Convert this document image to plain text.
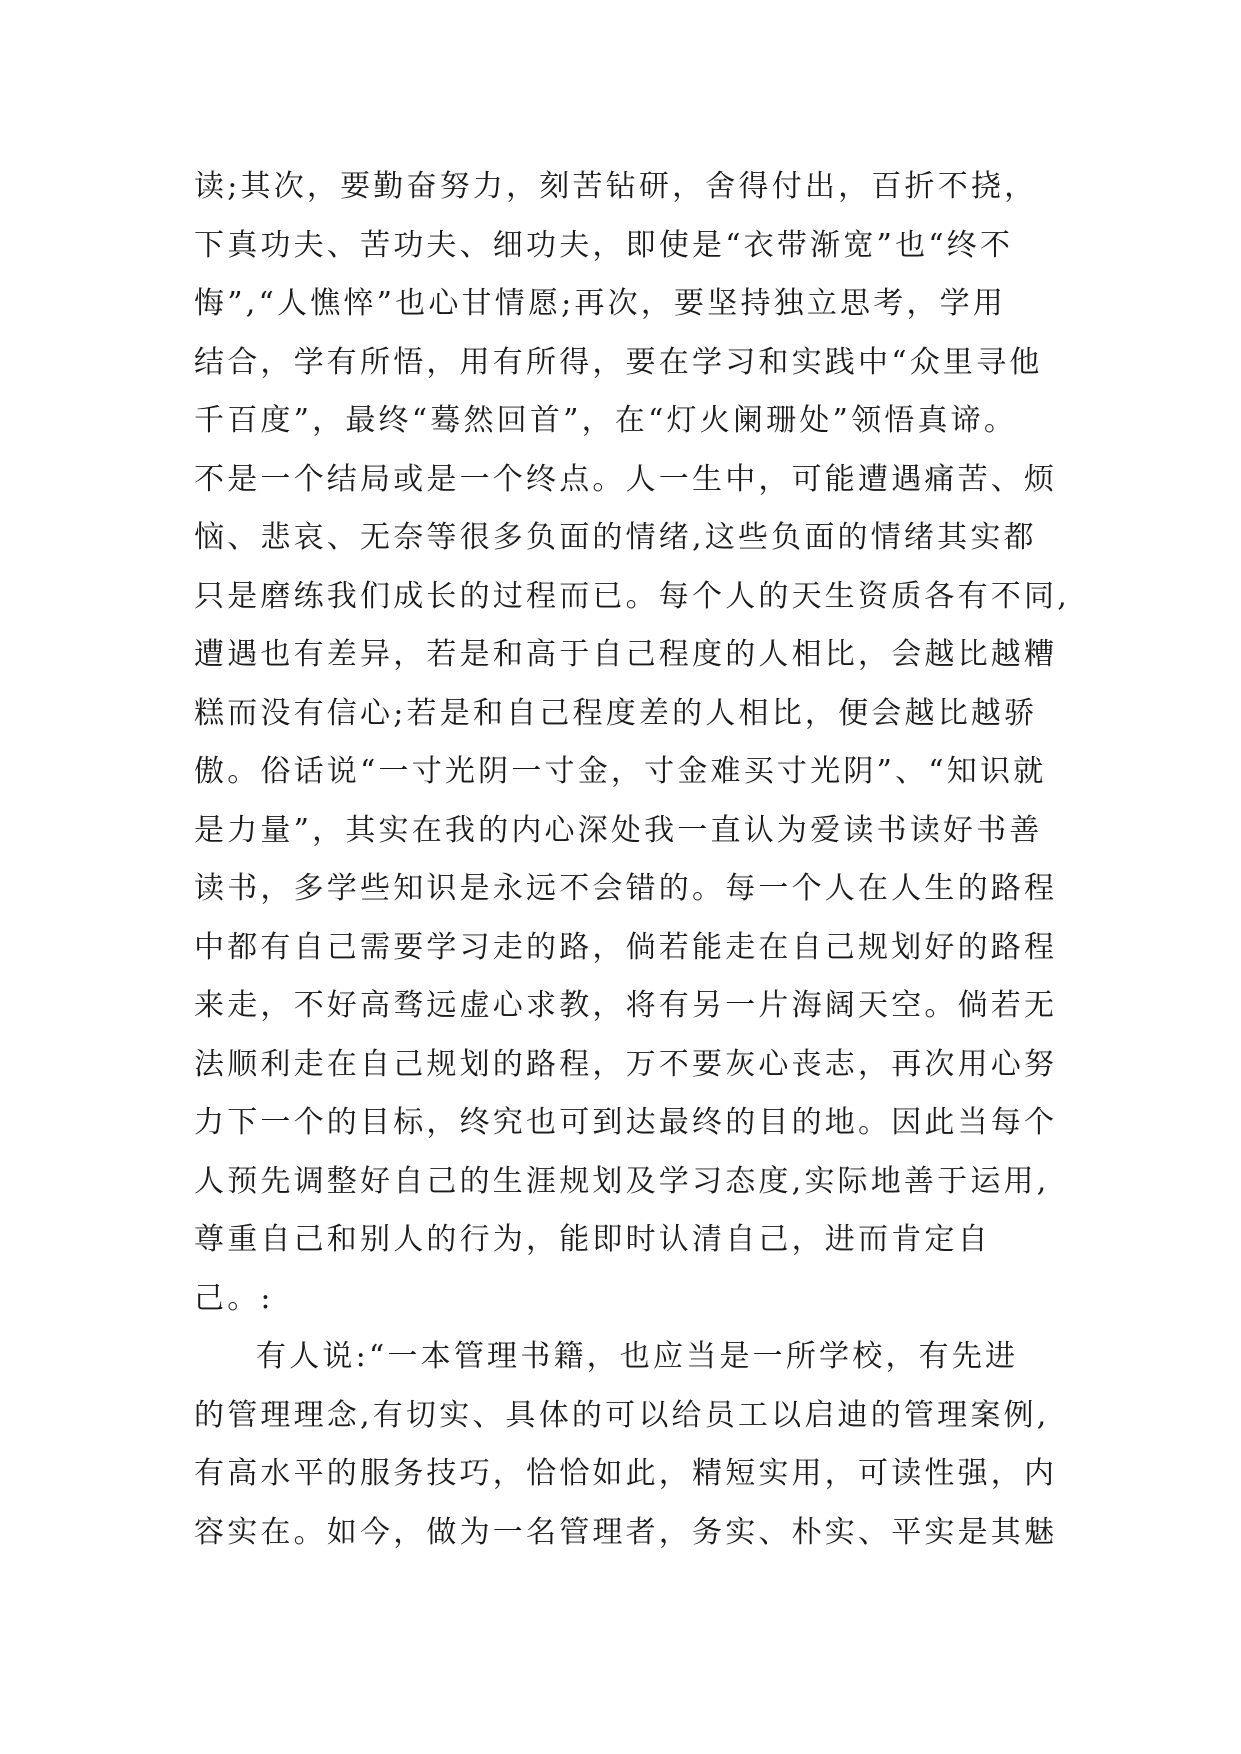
读;其次，要勤奋努力，刻苦钻研，舍得付出，百折不挠，
下真功夫、苦功夫、细功夫，即使是“衣带渐宽”也“终不
悔”,“人憔悴”也心甘情愿;再次，要坚持独立思考，学用
结合，学有所悟，用有所得，要在学习和实践中“众里寻他
千百度”，最终“蓦然回首”，在“灯火阑珊处”领悟真谛。
不是一个结局或是一个终点。人一生中，可能遭遇痛苦、烦
恼、悲哀、无奈等很多负面的情绪,这些负面的情绪其实都
只是磨练我们成长的过程而已。每个人的天生资质各有不同,
遭遇也有差异，若是和高于自己程度的人相比，会越比越糟
糕而没有信心;若是和自己程度差的人相比，便会越比越骄
傲。俗话说“一寸光阴一寸金，寸金难买寸光阴”、“知识就
是力量”，其实在我的内心深处我一直认为爱读书读好书善
读书，多学些知识是永远不会错的。每一个人在人生的路程
中都有自己需要学习走的路，倘若能走在自己规划好的路程
来走，不好高骛远虚心求教，将有另一片海阔天空。倘若无
法顺利走在自己规划的路程，万不要灰心丧志，再次用心努
力下一个的目标，终究也可到达最终的目的地。因此当每个
人预先调整好自己的生涯规划及学习态度,实际地善于运用,
尊重自己和别人的行为，能即时认清自己，进而肯定自
己。:
有人说:“一本管理书籍，也应当是一所学校，有先进
的管理理念,有切实、具体的可以给员工以启迪的管理案例,
有高水平的服务技巧，恰恰如此，精短实用，可读性强，内
容实在。如今，做为一名管理者，务实、朴实、平实是其魅
